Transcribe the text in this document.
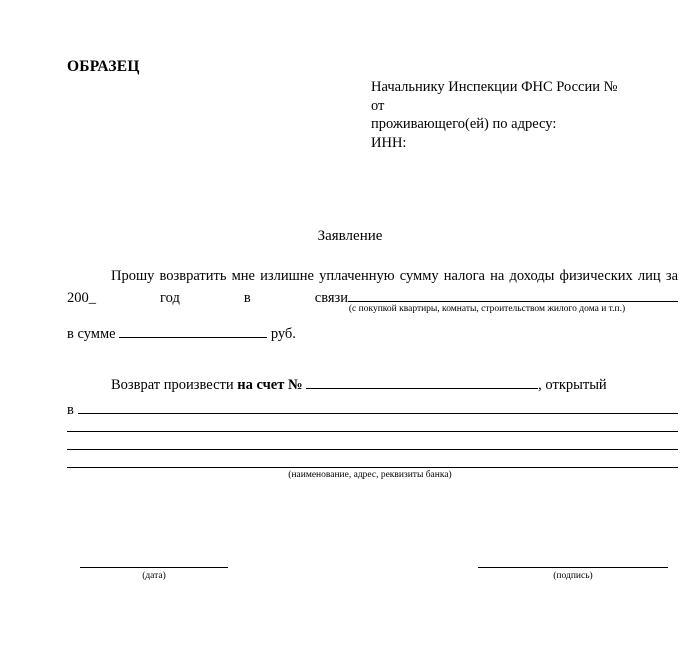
ОБРАЗЕЦ
Начальнику Инспекции ФНС России №
от
проживающего(ей) по адресу:
ИНН:
Заявление

Прошу возвратить мне излишне уплаченную сумму налога на доходы физических лиц за 200_ год в связи

(с покупкой квартиры, комнаты, строительством жилого дома и т.п.)
в сумме	руб.
Возврат произвести на счет №	, открытый
в
(наименование, адрес, реквизиты банка)
(дата)	(подпись)
